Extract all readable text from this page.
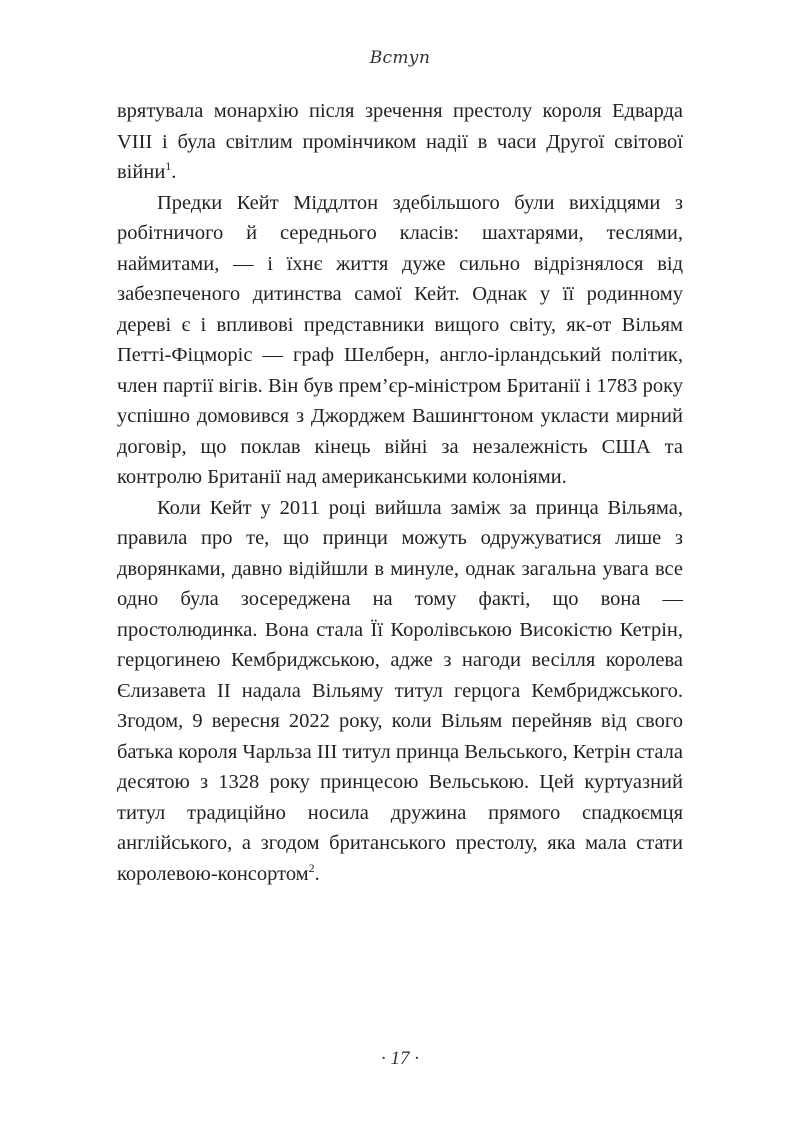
Вступ

врятувала монархію після зречення престолу короля Едварда VIII і була світлим промінчиком надії в часи Другої світової війни$^1$.

Предки Кейт Міддлтон здебільшого були вихідцями з робітничого й середнього класів: шахтарями, теслями, наймитами, — і їхнє життя дуже сильно відрізнялося від забезпеченого дитинства самої Кейт. Однак у її родинному дереві є і впливові представники вищого світу, як-от Вільям Петті-Фіцморіс — граф Шелберн, англо-ірландський політик, член партії вігів. Він був прем’єр-міністром Британії і 1783 року успішно домовився з Джорджем Вашингтоном укласти мирний договір, що поклав кінець війні за незалежність США та контролю Британії над американськими колоніями.

Коли Кейт у 2011 році вийшла заміж за принца Вільяма, правила про те, що принци можуть одружуватися лише з дворянками, давно відійшли в минуле, однак загальна увага все одно була зосереджена на тому факті, що вона — простолюдинка. Вона стала Її Королівською Високістю Кетрін, герцогинею Кембриджською, адже з нагоди весілля королева Єлизавета II надала Вільяму титул герцога Кембриджського. Згодом, 9 вересня 2022 року, коли Вільям перейняв від свого батька короля Чарльза III титул принца Вельського, Кетрін стала десятою з 1328 року принцесою Вельською. Цей куртуазний титул традиційно носила дружина прямого спадкоємця англійського, а згодом британського престолу, яка мала стати королевою-консортом$^2$.

· 17 ·
